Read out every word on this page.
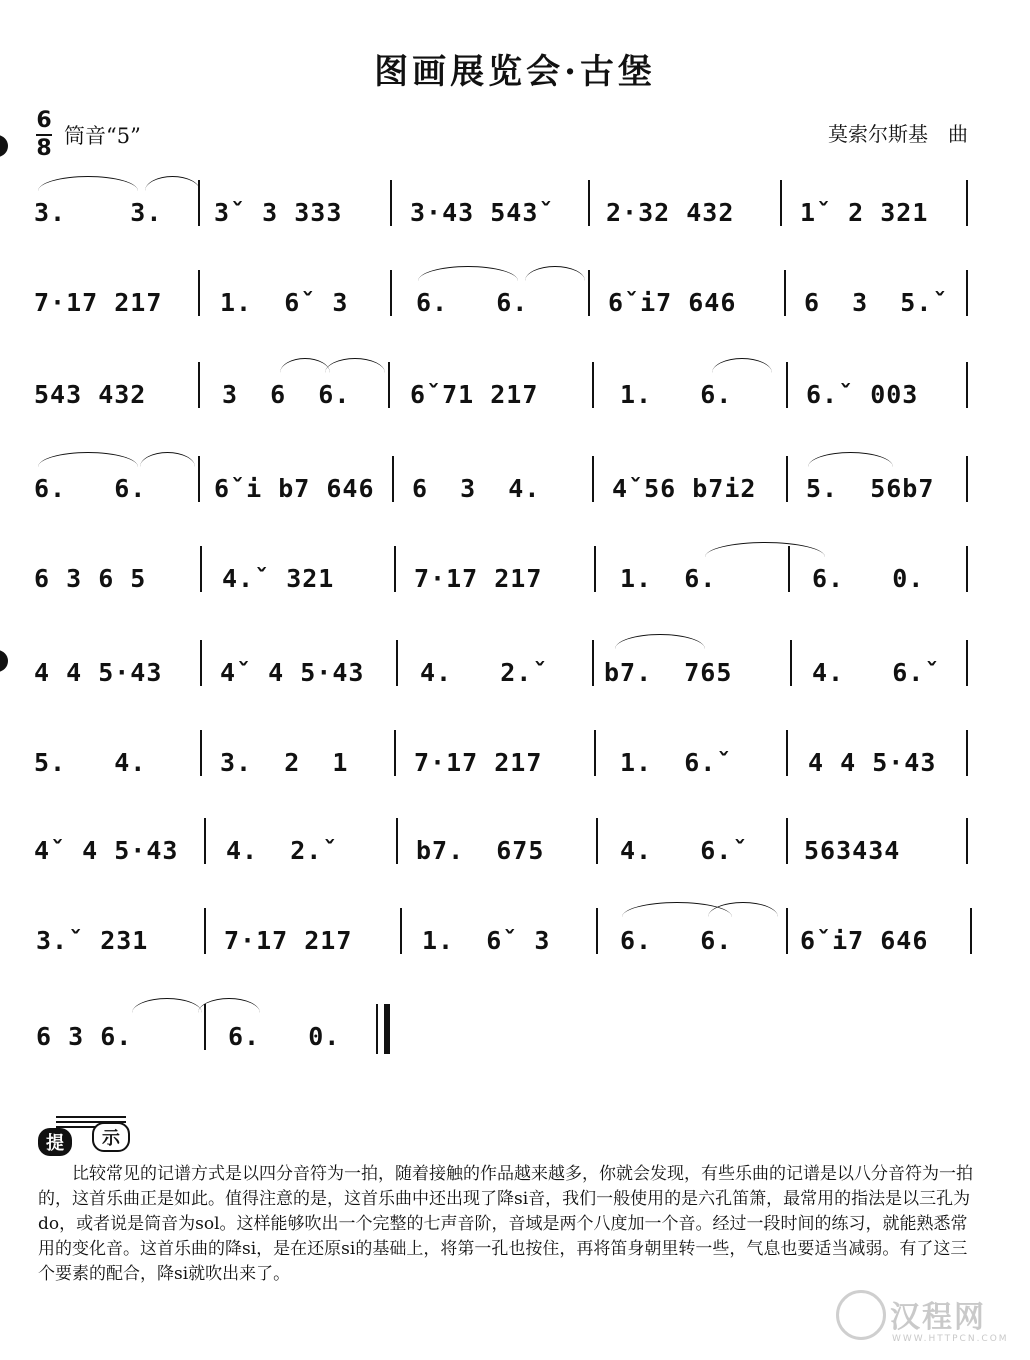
图画展览会·古堡
6
8 筒音“5”	莫索尔斯基　曲
3.    3. 3ˇ 3 333	3·43 543ˇ 2·32 432	1ˇ 2 321
7·17 217 1.  6ˇ 3	6.   6.	6ˇi7 646	6  3  5.ˇ
543 432	3  6  6. 6ˇ71 217	1.   6.	6.ˇ 003
6.   6.	6ˇi b7 646 6  3  4.	4ˇ56 b7i2 5.  56b7
6 3 6 5	4.ˇ 321	7·17 217	1.  6.	6.   0.
4 4 5·43 4ˇ 4 5·43 4.   2.ˇ b7.  765	4.   6.ˇ
5.   4.	3.  2  1	7·17 217	1.  6.ˇ	4 4 5·43
4ˇ 4 5·43 4.  2.ˇ	b7.  675	4.   6.ˇ 563434
3.ˇ 231	7·17 217	1.  6ˇ 3	6.   6.	6ˇi7 646
6 3 6.	6.   0.
提	示
比较常见的记谱方式是以四分音符为一拍，随着接触的作品越来越多，你就会发现，有些乐曲的记谱是以八分音符为一拍的，这首乐曲正是如此。值得注意的是，这首乐曲中还出现了降si音，我们一般使用的是六孔笛箫，最常用的指法是以三孔为do，或者说是筒音为sol。这样能够吹出一个完整的七声音阶，音域是两个八度加一个音。经过一段时间的练习，就能熟悉常用的变化音。这首乐曲的降si，是在还原si的基础上，将第一孔也按住，再将笛身朝里转一些，气息也要适当减弱。有了这三个要素的配合，降si就吹出来了。
汉程网
WWW.HTTPCN.COM
